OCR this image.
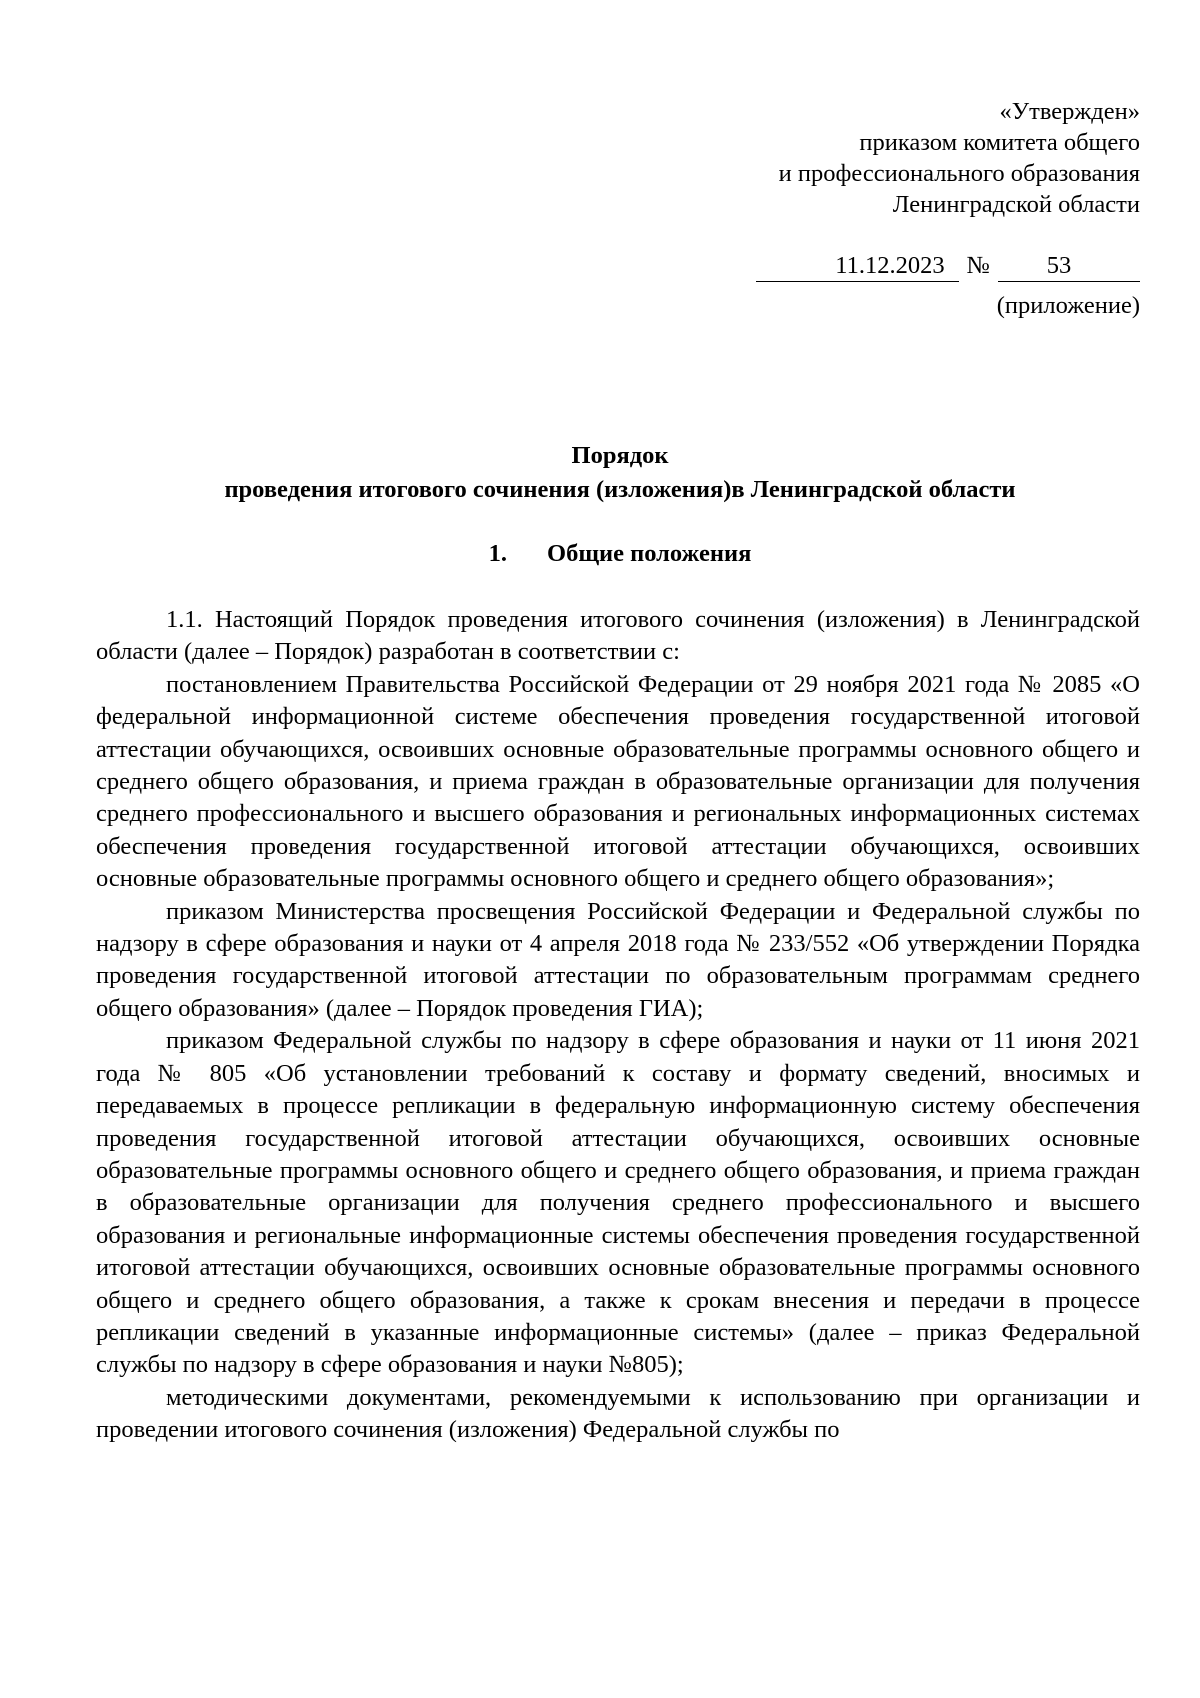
«Утвержден»
приказом комитета общего
и профессионального образования
Ленинградской области
11.12.2023 № 53
(приложение)
Порядок
проведения итогового сочинения (изложения)в Ленинградской области
1. Общие положения

1.1. Настоящий Порядок проведения итогового сочинения (изложения) в Ленинградской области (далее – Порядок) разработан в соответствии с:

постановлением Правительства Российской Федерации от 29 ноября 2021 года № 2085 «О федеральной информационной системе обеспечения проведения государственной итоговой аттестации обучающихся, освоивших основные образовательные программы основного общего и среднего общего образования, и приема граждан в образовательные организации для получения среднего профессионального и высшего образования и региональных информационных системах обеспечения проведения государственной итоговой аттестации обучающихся, освоивших основные образовательные программы основного общего и среднего общего образования»;

приказом Министерства просвещения Российской Федерации и Федеральной службы по надзору в сфере образования и науки от 4 апреля 2018 года № 233/552 «Об утверждении Порядка проведения государственной итоговой аттестации по образовательным программам среднего общего образования» (далее – Порядок проведения ГИА);

приказом Федеральной службы по надзору в сфере образования и науки от 11 июня 2021 года № 805 «Об установлении требований к составу и формату сведений, вносимых и передаваемых в процессе репликации в федеральную информационную систему обеспечения проведения государственной итоговой аттестации обучающихся, освоивших основные образовательные программы основного общего и среднего общего образования, и приема граждан в образовательные организации для получения среднего профессионального и высшего образования и региональные информационные системы обеспечения проведения государственной итоговой аттестации обучающихся, освоивших основные образовательные программы основного общего и среднего общего образования, а также к срокам внесения и передачи в процессе репликации сведений в указанные информационные системы» (далее – приказ Федеральной службы по надзору в сфере образования и науки №805);

методическими документами, рекомендуемыми к использованию при организации и проведении итогового сочинения (изложения) Федеральной службы по
